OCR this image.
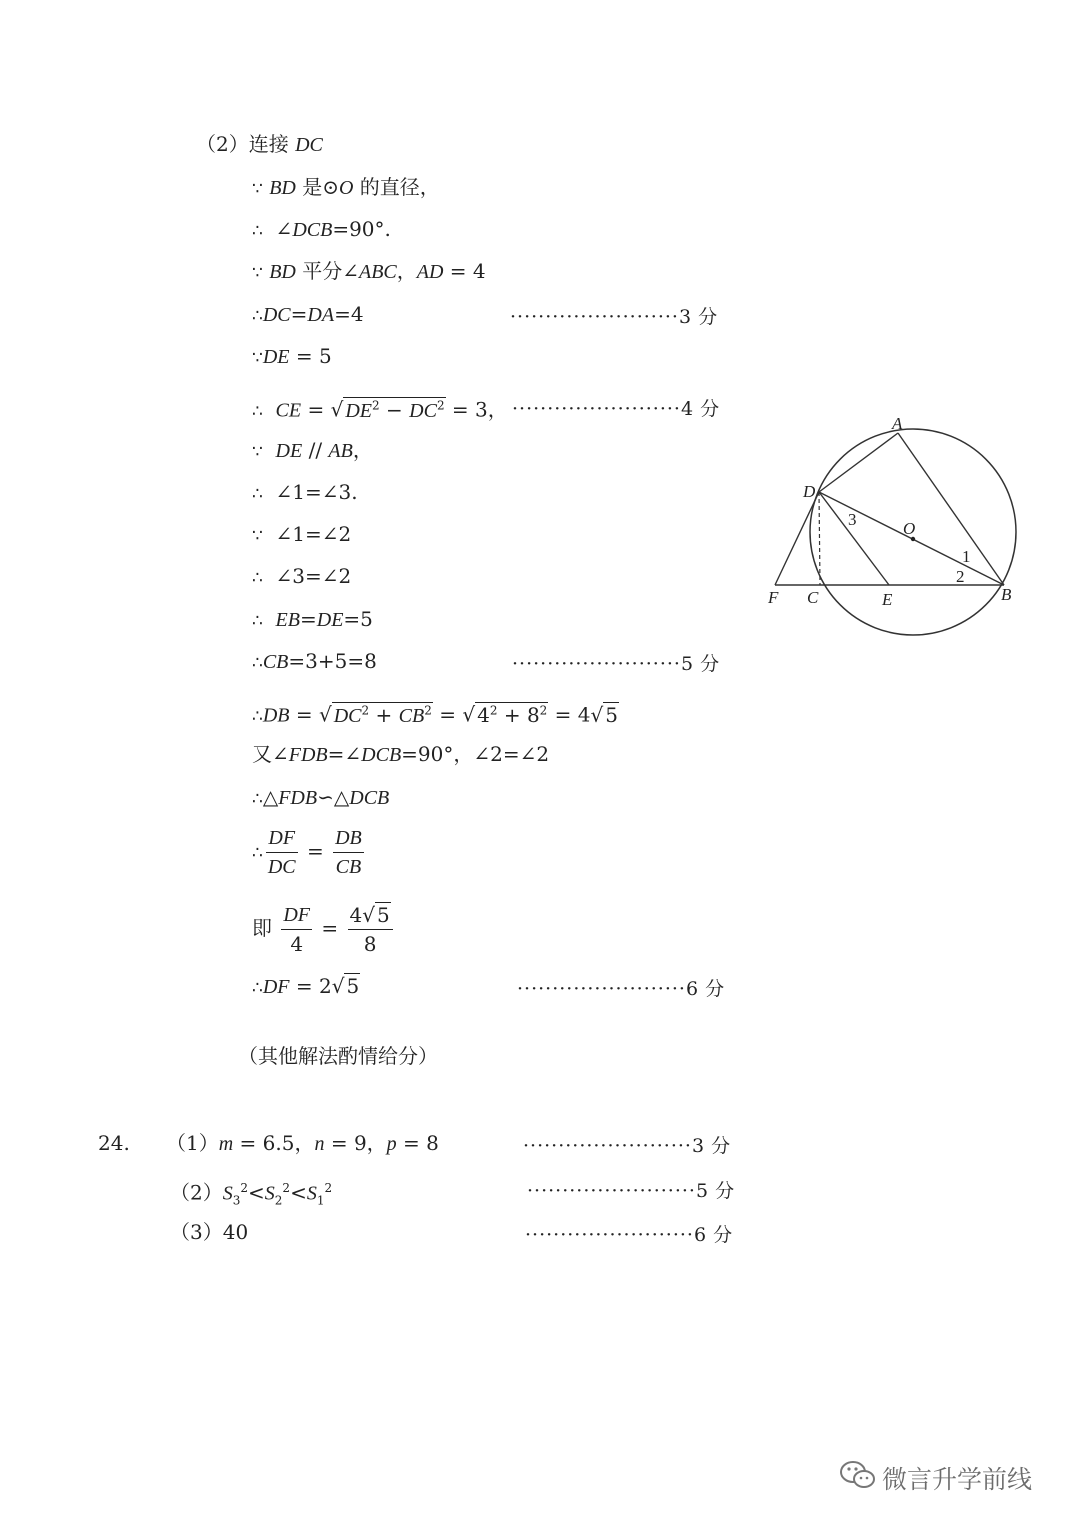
（2）连接 DC
∵ BD 是⊙O 的直径，
∴ ∠DCB=90°.
∵ BD 平分∠ABC，AD = 4
∴DC=DA=4	························3 分
∵DE = 5
∴ CE = √ $DE^2 - DC^2 = 3$， ························4 分
∵ DE // AB，
∴ ∠1=∠3.
∵ ∠1=∠2
∴ ∠3=∠2
∴ EB=DE=5
∴CB=3+5=8	························5 分
∴DB = √ $DC^2 + CB^2$ = √ $4^2 + 8^2 = 4√$ 5
又∠FDB=∠DCB=90°，∠2=∠2
∴△FDB∽△DCB
∴ $\frac{DF}{DC} = \frac{DB}{CB}$
即 $\frac{DF}{4} = \frac{4√ 5}{8}$
∴DF = 2√ 5	························6 分
（其他解法酌情给分）
24. （1）m = 6.5，n = 9，p = 8	························3 分
$(2)S_3^2<S_2^2<S_1^2$	························5 分
（3）40	························6 分
A
D
O
3
1
2
F C	E	B
微言升学前线
